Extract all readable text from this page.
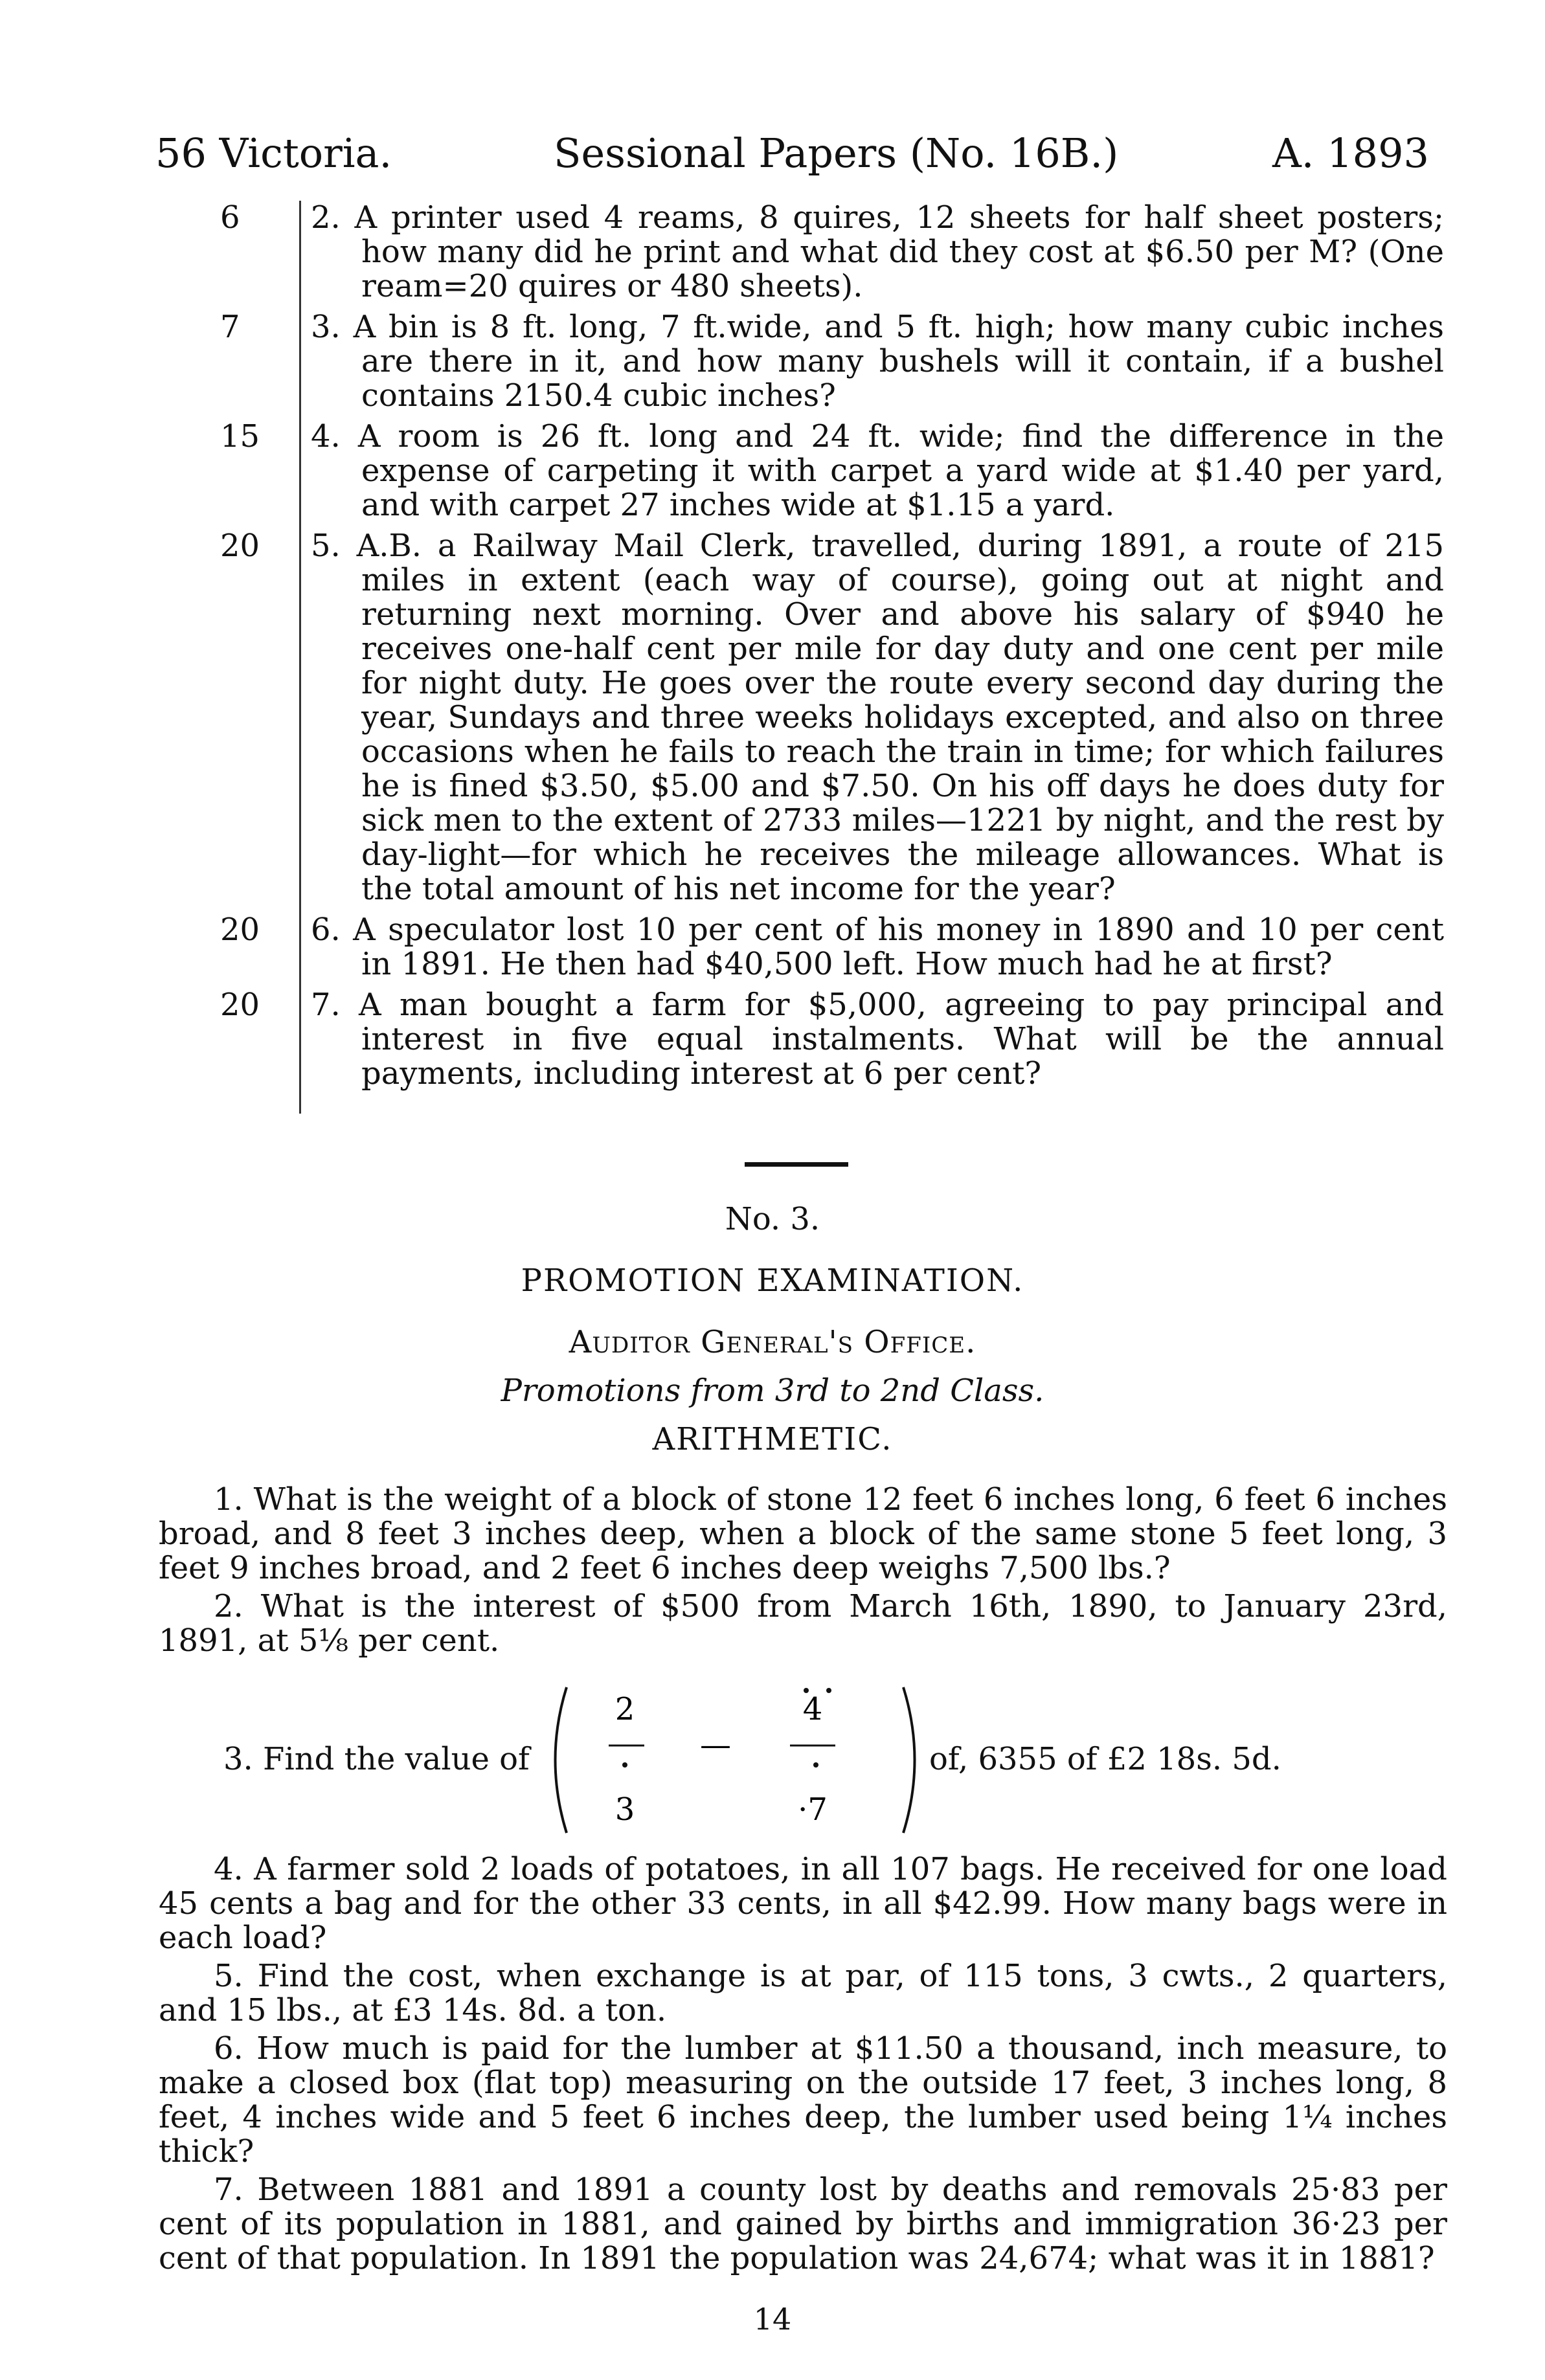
56 Victoria.	Sessional Papers (No. 16B.)	A. 1893
6	2. A printer used 4 reams, 8 quires, 12 sheets for half sheet posters; how many did he print and what did they cost at $6.50 per M? (One ream=20 quires or 480 sheets).
7	3. A bin is 8 ft. long, 7 ft.wide, and 5 ft. high; how many cubic inches are there in it, and how many bushels will it contain, if a bushel contains 2150.4 cubic inches?
15	4. A room is 26 ft. long and 24 ft. wide; find the difference in the expense of carpeting it with carpet a yard wide at $1.40 per yard, and with carpet 27 inches wide at $1.15 a yard.
20	5. A.B. a Railway Mail Clerk, travelled, during 1891, a route of 215 miles in extent (each way of course), going out at night and returning next morning. Over and above his salary of $940 he receives one-half cent per mile for day duty and one cent per mile for night duty. He goes over the route every second day during the year, Sundays and three weeks holidays excepted, and also on three occasions when he fails to reach the train in time; for which failures he is fined $3.50, $5.00 and $7.50. On his off days he does duty for sick men to the extent of 2733 miles—1221 by night, and the rest by day-light—for which he receives the mileage allowances. What is the total amount of his net income for the year?
20	6. A speculator lost 10 per cent of his money in 1890 and 10 per cent in 1891. He then had $40,500 left. How much had he at first?
20	7. A man bought a farm for $5,000, agreeing to pay principal and interest in five equal instalments. What will be the annual payments, including interest at 6 per cent?
No. 3.
PROMOTION EXAMINATION.
Auditor General's Office.
Promotions from 3rd to 2nd Class.
ARITHMETIC.

1. What is the weight of a block of stone 12 feet 6 inches long, 6 feet 6 inches broad, and 8 feet 3 inches deep, when a block of the same stone 5 feet long, 3 feet 9 inches broad, and 2 feet 6 inches deep weighs 7,500 lbs.?

2. What is the interest of $500 from March 16th, 1890, to January 23rd, 1891, at 5⅛ per cent.

3. Find the value of
2
3
—
4
·7
of, 6355 of £2 18s. 5d.

4. A farmer sold 2 loads of potatoes, in all 107 bags. He received for one load 45 cents a bag and for the other 33 cents, in all $42.99. How many bags were in each load?

5. Find the cost, when exchange is at par, of 115 tons, 3 cwts., 2 quarters, and 15 lbs., at £3 14s. 8d. a ton.

6. How much is paid for the lumber at $11.50 a thousand, inch measure, to make a closed box (flat top) measuring on the outside 17 feet, 3 inches long, 8 feet, 4 inches wide and 5 feet 6 inches deep, the lumber used being 1¼ inches thick?

7. Between 1881 and 1891 a county lost by deaths and removals 25·83 per cent of its population in 1881, and gained by births and immigration 36·23 per cent of that population. In 1891 the population was 24,674; what was it in 1881?

14
